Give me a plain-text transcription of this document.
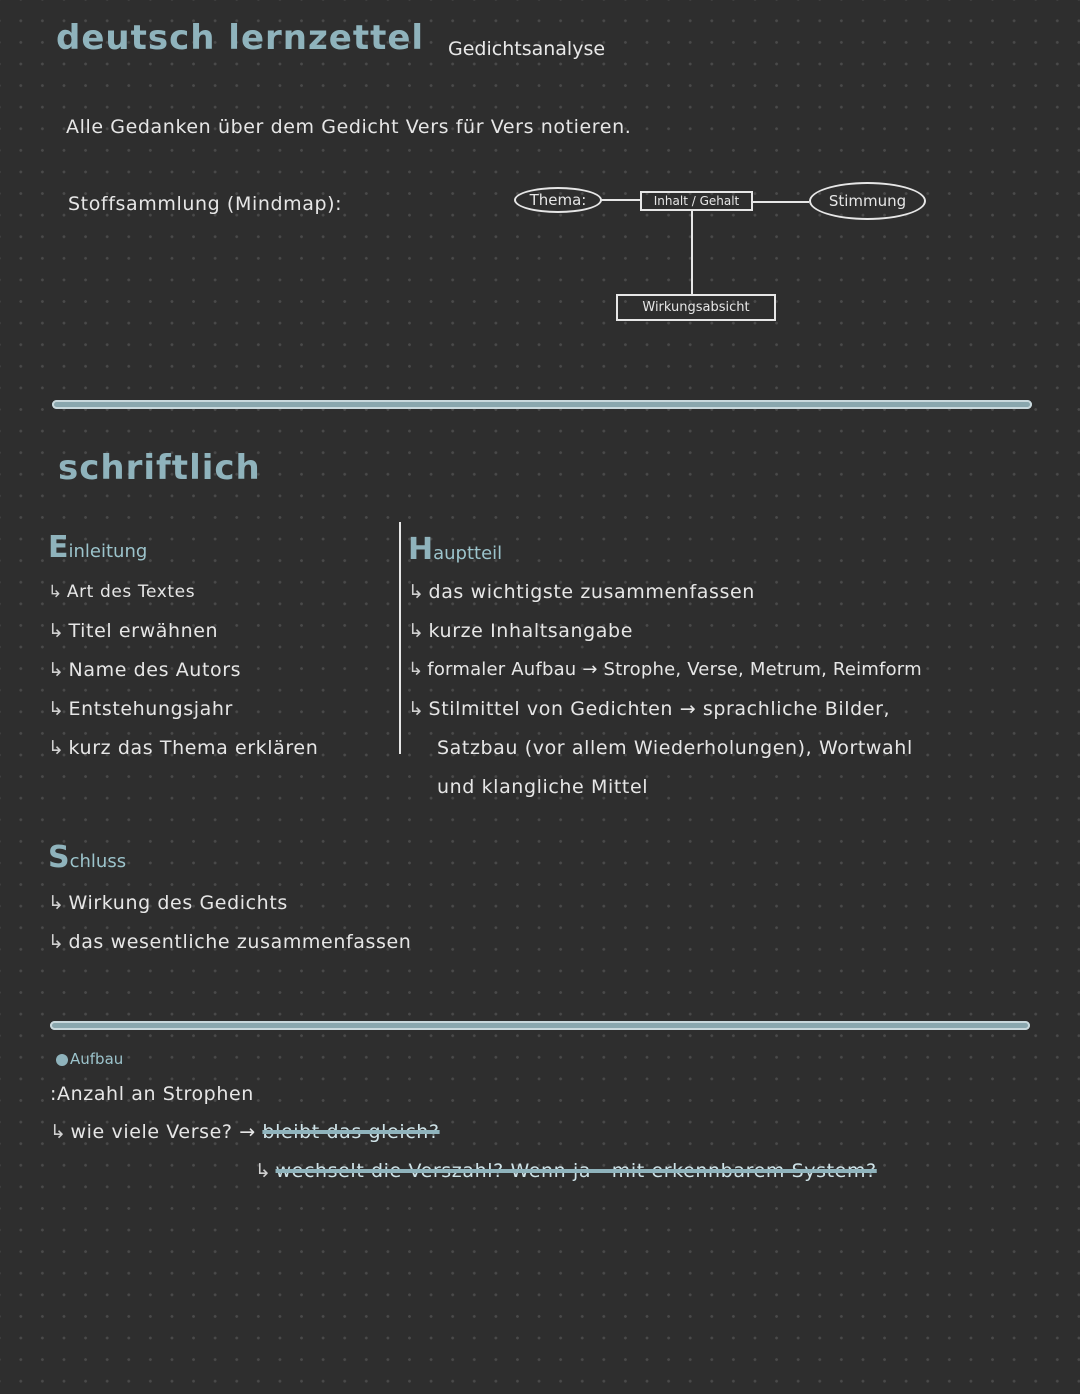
deutsch lernzettel Gedichtsanalyse
Alle Gedanken über dem Gedicht Vers für Vers notieren.
Stoffsammlung (Mindmap):	Thema:	Inhalt / Gehalt	Stimmung
Wirkungsabsicht
schriftlich
Einleitung
↳ Art des Textes
↳ Titel erwähnen
↳ Name des Autors
↳ Entstehungsjahr
↳ kurz das Thema erklären
Hauptteil
↳ das wichtigste zusammenfassen
↳ kurze Inhaltsangabe
↳ formaler Aufbau → Strophe, Verse, Metrum, Reimform
↳ Stilmittel von Gedichten → sprachliche Bilder,
Satzbau (vor allem Wiederholungen), Wortwahl
und klangliche Mittel
Schluss
↳ Wirkung des Gedichts
↳ das wesentliche zusammenfassen
Aufbau
:Anzahl an Strophen
↳ wie viele Verse? → bleibt das gleich?
↳ wechselt die Verszahl? Wenn ja - mit erkennbarem System?
